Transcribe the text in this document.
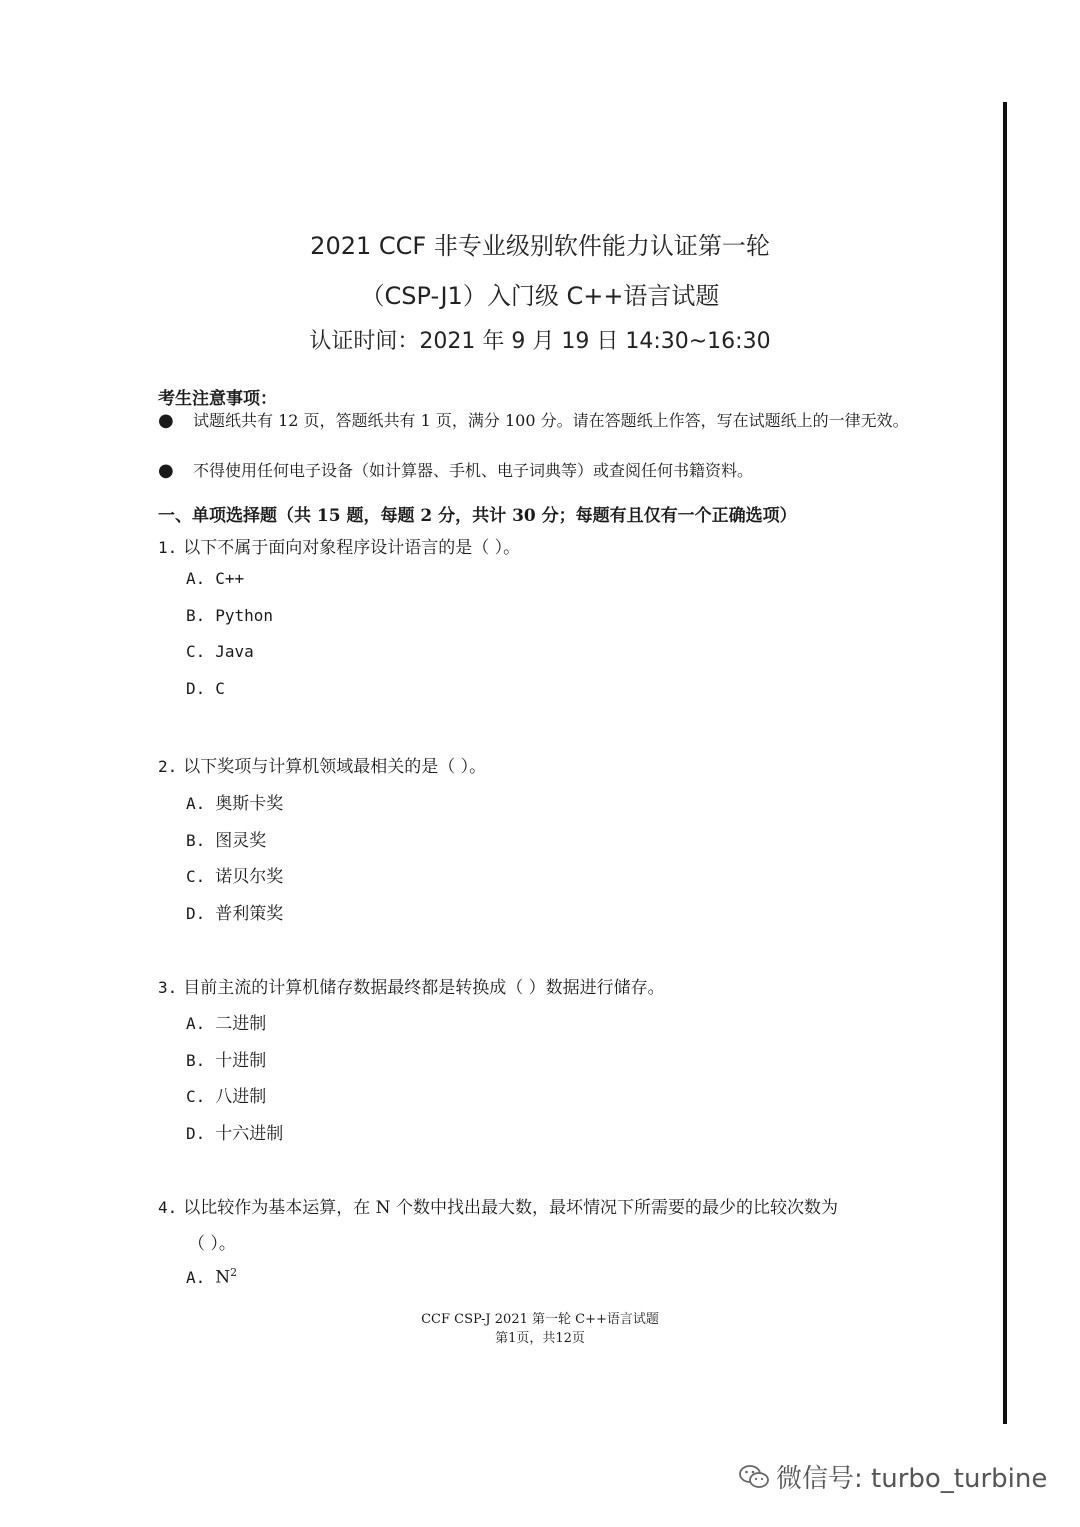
2021 CCF 非专业级别软件能力认证第一轮
（CSP-J1）入门级 C++语言试题
认证时间：2021 年 9 月 19 日 14:30~16:30
考生注意事项：
● 试题纸共有 12 页，答题纸共有 1 页，满分 100 分。请在答题纸上作答，写在试题纸上的一律无效。
● 不得使用任何电子设备（如计算器、手机、电子词典等）或查阅任何书籍资料。
一、单项选择题（共 15 题，每题 2 分，共计 30 分；每题有且仅有一个正确选项）
1. 以下不属于面向对象程序设计语言的是（ ）。
A. C++
B. Python
C. Java
D. C
2. 以下奖项与计算机领域最相关的是（ ）。
A. 奥斯卡奖
B. 图灵奖
C. 诺贝尔奖
D. 普利策奖
3. 目前主流的计算机储存数据最终都是转换成（ ）数据进行储存。
A. 二进制
B. 十进制
C. 八进制
D. 十六进制
4. 以比较作为基本运算，在 N 个数中找出最大数，最坏情况下所需要的最少的比较次数为
（ ）。
A. $N^2$
CCF CSP-J 2021 第一轮 C++语言试题
第1页，共12页
微信号: turbo_turbine
